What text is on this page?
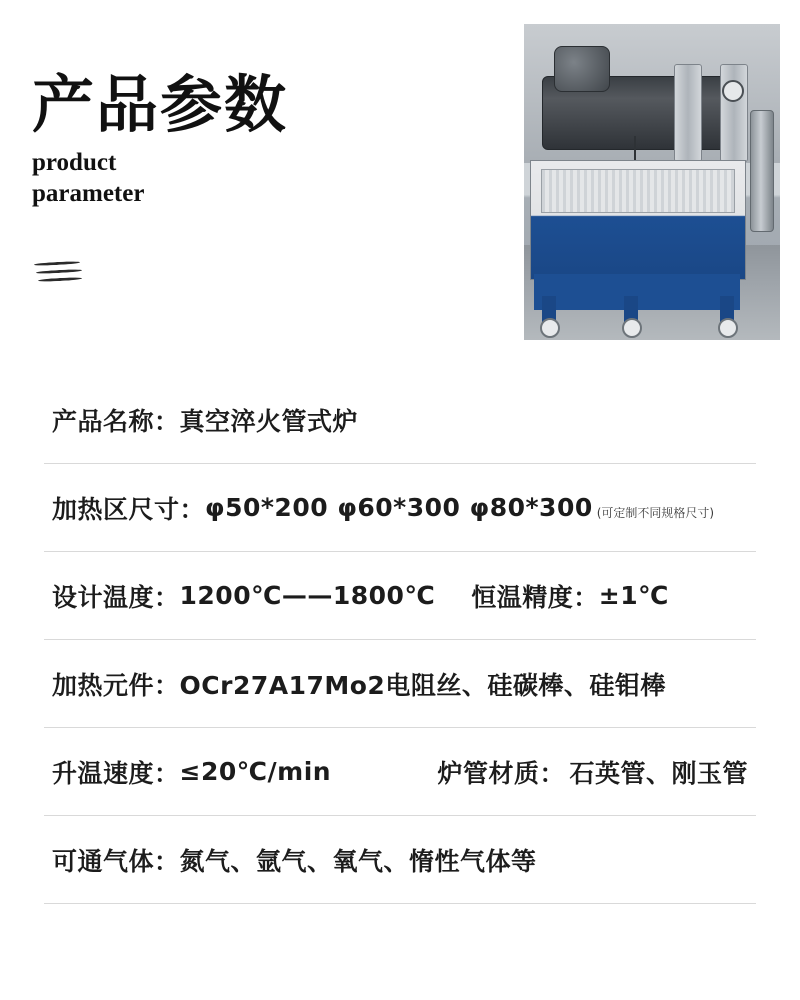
产品参数
product
parameter
产品名称： 真空淬火管式炉
加热区尺寸： φ50*200 φ60*300 φ80*300 (可定制不同规格尺寸)
设计温度： 1200℃——1800℃ 恒温精度： ±1℃
加热元件： OCr27A17Mo2电阻丝、硅碳棒、硅钼棒
升温速度： ≤20℃/min	炉管材质： 石英管、刚玉管
可通气体： 氮气、氩气、氧气、惰性气体等
